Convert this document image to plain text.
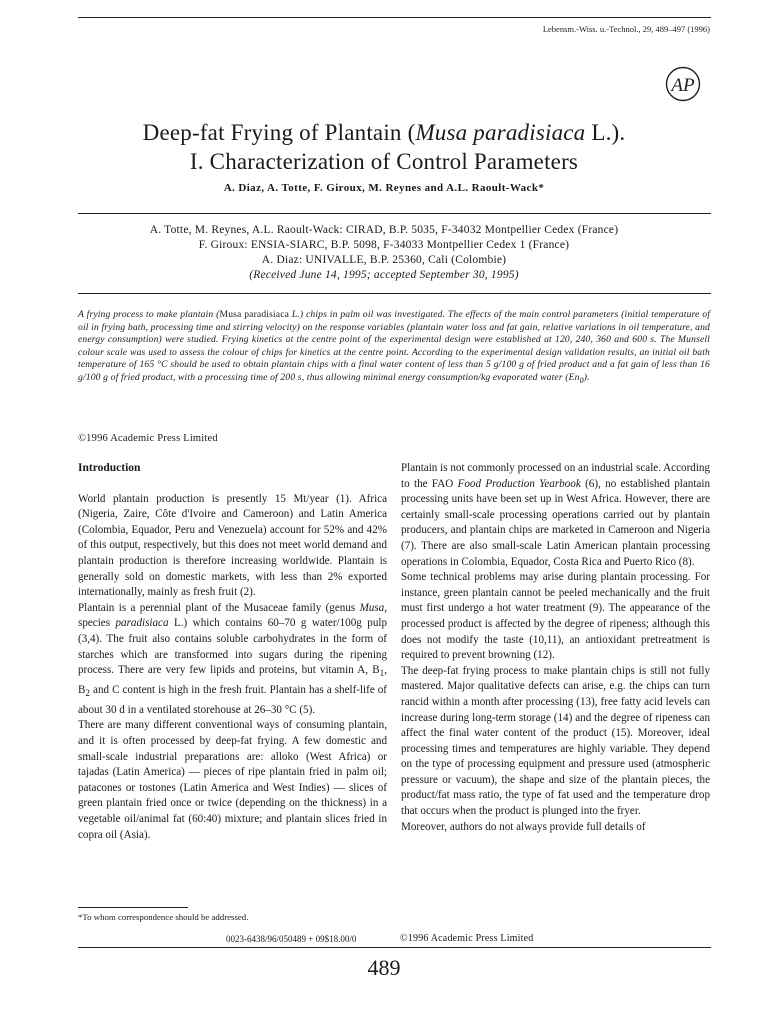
Lebensm.-Wiss. u.-Technol., 29, 489–497 (1996)
AP
Deep-fat Frying of Plantain (Musa paradisiaca L.).
I. Characterization of Control Parameters
A. Diaz, A. Totte, F. Giroux, M. Reynes and A.L. Raoult-Wack*
A. Totte, M. Reynes, A.L. Raoult-Wack: CIRAD, B.P. 5035, F-34032 Montpellier Cedex (France)
F. Giroux: ENSIA-SIARC, B.P. 5098, F-34033 Montpellier Cedex 1 (France)
A. Diaz: UNIVALLE, B.P. 25360, Cali (Colombie)
(Received June 14, 1995; accepted September 30, 1995)
A frying process to make plantain (Musa paradisiaca L.) chips in palm oil was investigated. The effects of the main control parameters (initial temperature of oil in frying bath, processing time and stirring velocity) on the response variables (plantain water loss and fat gain, relative variations in oil temperature, and energy consumption) were studied. Frying kinetics at the centre point of the experimental design were established at 120, 240, 360 and 600 s. The Munsell colour scale was used to assess the colour of chips for kinetics at the centre point. According to the experimental design validation results, an initial oil bath temperature of 165 °C should be used to obtain plantain chips with a final water content of less than 5 g/100 g of fried product and a fat gain of less than 16 g/100 g of fried product, with a processing time of 200 s, thus allowing minimal energy consumption/kg evaporated water $(En_0)$.
©1996 Academic Press Limited

Introduction

World plantain production is presently 15 Mt/year (1). Africa (Nigeria, Zaire, Côte d'Ivoire and Cameroon) and Latin America (Colombia, Equador, Peru and Venezuela) account for 52% and 42% of this output, respectively, but this does not meet world demand and plantain production is therefore increasing worldwide. Plantain is generally sold on domestic markets, with less than 2% exported internationally, mainly as fresh fruit (2).

Plantain is a perennial plant of the Musaceae family (genus Musa, species paradisiaca L.) which contains 60–70 g water/100g pulp (3,4). The fruit also contains soluble carbohydrates in the form of starches which are transformed into sugars during the ripening process. There are very few lipids and proteins, but vitamin A, $B_1$, $B_2$ and C content is high in the fresh fruit. Plantain has a shelf-life of about 30 d in a ventilated storehouse at 26–30 °C (5).

There are many different conventional ways of consuming plantain, and it is often processed by deep-fat frying. A few domestic and small-scale industrial preparations are: alloko (West Africa) or tajadas (Latin America) — pieces of ripe plantain fried in palm oil; patacones or tostones (Latin America and West Indies) — slices of green plantain fried once or twice (depending on the thickness) in a vegetable oil/animal fat (60:40) mixture; and plantain slices fried in copra oil (Asia).

Plantain is not commonly processed on an industrial scale. According to the FAO Food Production Yearbook (6), no established plantain processing units have been set up in West Africa. However, there are certainly small-scale processing operations carried out by plantain producers, and plantain chips are marketed in Cameroon and Nigeria (7). There are also small-scale Latin American plantain processing operations in Colombia, Equador, Costa Rica and Puerto Rico (8).

Some technical problems may arise during plantain processing. For instance, green plantain cannot be peeled mechanically and the fruit must first undergo a hot water treatment (9). The appearance of the processed product is affected by the degree of ripeness; although this does not modify the taste (10,11), an antioxidant pretreatment is required to prevent browning (12).

The deep-fat frying process to make plantain chips is still not fully mastered. Major qualitative defects can arise, e.g. the chips can turn rancid within a month after processing (13), free fatty acid levels can increase during long-term storage (14) and the degree of ripeness can affect the final water content of the product (15). Moreover, ideal processing times and temperatures are highly variable. They depend on the type of processing equipment and pressure used (atmospheric pressure or vacuum), the shape and size of the plantain pieces, the product/fat mass ratio, the type of fat used and the temperature drop that occurs when the product is plunged into the fryer.

Moreover, authors do not always provide full details of

*To whom correspondence should be addressed.
0023-6438/96/050489 + 09$18.00/0	©1996 Academic Press Limited
489
